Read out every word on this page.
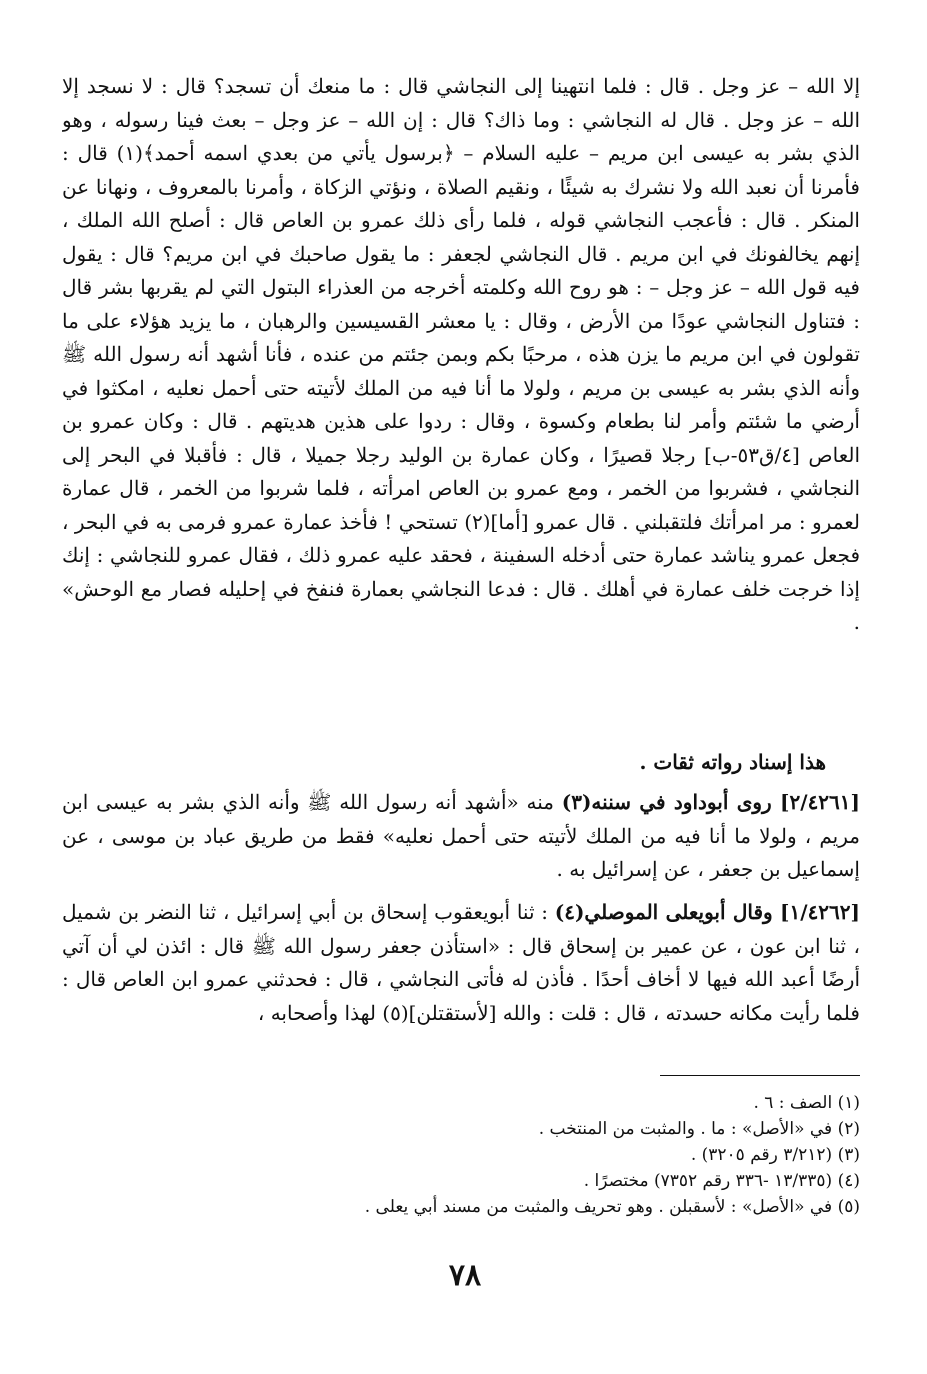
إلا الله – عز وجل . قال : فلما انتهينا إلى النجاشي قال : ما منعك أن تسجد؟ قال : لا نسجد إلا الله – عز وجل . قال له النجاشي : وما ذاك؟ قال : إن الله – عز وجل – بعث فينا رسوله ، وهو الذي بشر به عيسى ابن مريم – عليه السلام – ﴿برسول يأتي من بعدي اسمه أحمد﴾(١) قال : فأمرنا أن نعبد الله ولا نشرك به شيئًا ، ونقيم الصلاة ، ونؤتي الزكاة ، وأمرنا بالمعروف ، ونهانا عن المنكر . قال : فأعجب النجاشي قوله ، فلما رأى ذلك عمرو بن العاص قال : أصلح الله الملك ، إنهم يخالفونك في ابن مريم . قال النجاشي لجعفر : ما يقول صاحبك في ابن مريم؟ قال : يقول فيه قول الله – عز وجل – : هو روح الله وكلمته أخرجه من العذراء البتول التي لم يقربها بشر قال : فتناول النجاشي عودًا من الأرض ، وقال : يا معشر القسيسين والرهبان ، ما يزيد هؤلاء على ما تقولون في ابن مريم ما يزن هذه ، مرحبًا بكم وبمن جئتم من عنده ، فأنا أشهد أنه رسول الله ﷺ وأنه الذي بشر به عيسى بن مريم ، ولولا ما أنا فيه من الملك لأتيته حتى أحمل نعليه ، امكثوا في أرضي ما شئتم وأمر لنا بطعام وكسوة ، وقال : ردوا على هذين هديتهم . قال : وكان عمرو بن العاص [٤/ق٥٣-ب] رجلا قصيرًا ، وكان عمارة بن الوليد رجلا جميلا ، قال : فأقبلا في البحر إلى النجاشي ، فشربوا من الخمر ، ومع عمرو بن العاص امرأته ، فلما شربوا من الخمر ، قال عمارة لعمرو : مر امرأتك فلتقبلني . قال عمرو [أما](٢) تستحي ! فأخذ عمارة عمرو فرمى به في البحر ، فجعل عمرو يناشد عمارة حتى أدخله السفينة ، فحقد عليه عمرو ذلك ، فقال عمرو للنجاشي : إنك إذا خرجت خلف عمارة في أهلك . قال : فدعا النجاشي بعمارة فنفخ في إحليله فصار مع الوحش» .

هذا إسناد رواته ثقات .

[٢/٤٢٦١] روى أبوداود في سننه(٣) منه «أشهد أنه رسول الله ﷺ وأنه الذي بشر به عيسى ابن مريم ، ولولا ما أنا فيه من الملك لأتيته حتى أحمل نعليه» فقط من طريق عباد بن موسى ، عن إسماعيل بن جعفر ، عن إسرائيل به .

[١/٤٢٦٢] وقال أبويعلى الموصلي(٤) : ثنا أبويعقوب إسحاق بن أبي إسرائيل ، ثنا النضر بن شميل ، ثنا ابن عون ، عن عمير بن إسحاق قال : «استأذن جعفر رسول الله ﷺ قال : ائذن لي أن آتي أرضًا أعبد الله فيها لا أخاف أحدًا . فأذن له فأتى النجاشي ، قال : فحدثني عمرو ابن العاص قال : فلما رأيت مكانه حسدته ، قال : قلت : والله [لأستقتلن](٥) لهذا وأصحابه ،

(١) الصف : ٦ .

(٢) في «الأصل» : ما . والمثبت من المنتخب .

(٣) (٣/٢١٢ رقم ٣٢٠٥) .

(٤) (١٣/٣٣٥ -٣٣٦ رقم ٧٣٥٢) مختصرًا .

(٥) في «الأصل» : لأسقبلن . وهو تحريف والمثبت من مسند أبي يعلى .

٧٨
